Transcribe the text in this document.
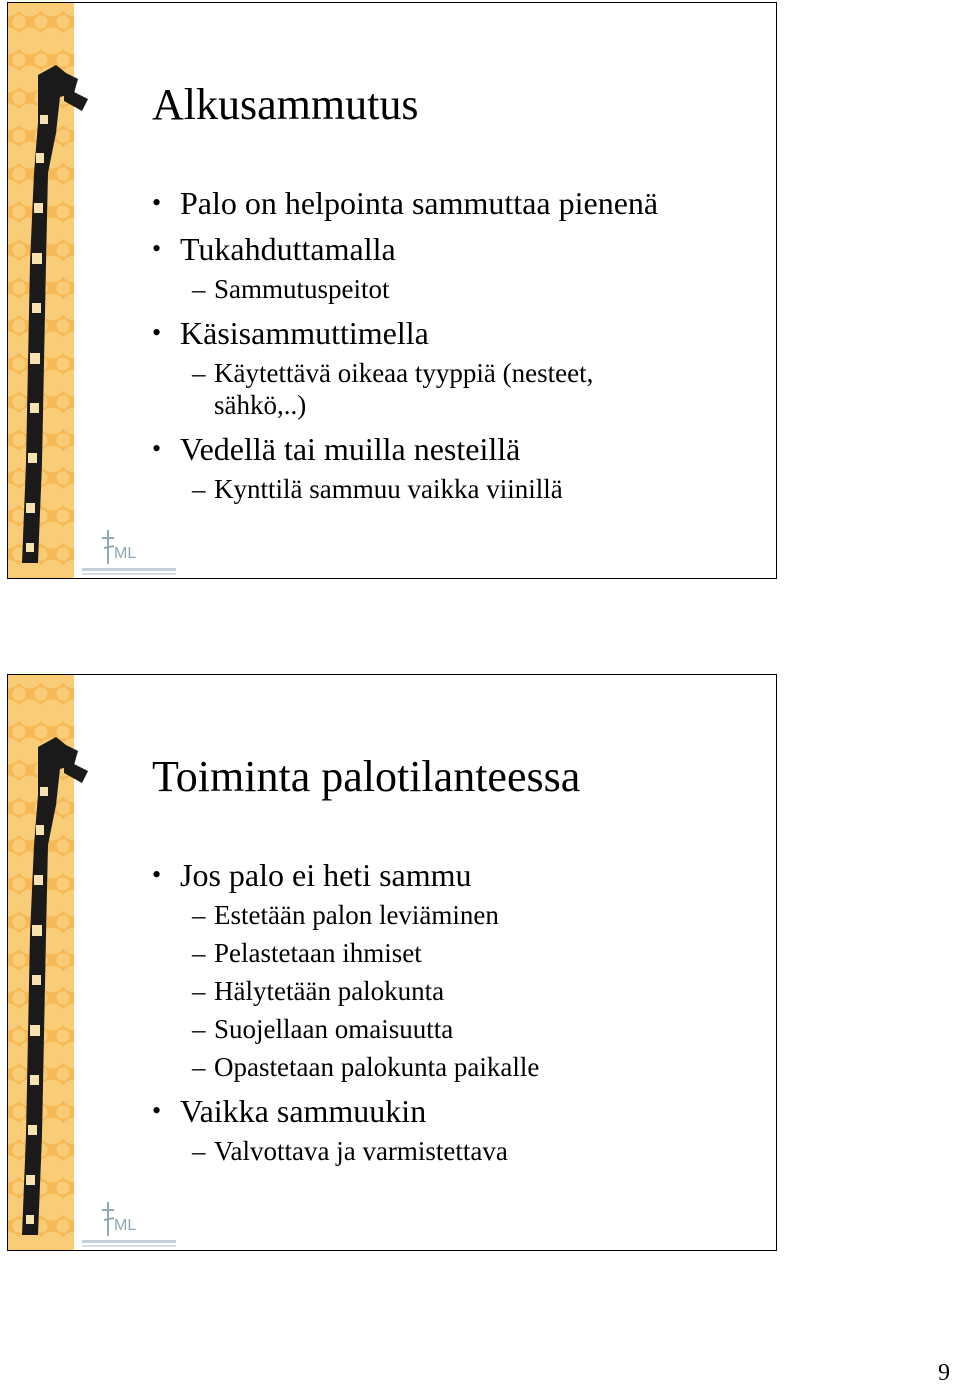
ML
Alkusammutus
• Palo on helpointa sammuttaa pienenä
• Tukahduttamalla
– Sammutuspeitot
• Käsisammuttimella
– Käytettävä oikeaa tyyppiä (nesteet,
sähkö,..)
• Vedellä tai muilla nesteillä
– Kynttilä sammuu vaikka viinillä
ML
Toiminta palotilanteessa
• Jos palo ei heti sammu
– Estetään palon leviäminen
– Pelastetaan ihmiset
– Hälytetään palokunta
– Suojellaan omaisuutta
– Opastetaan palokunta paikalle
• Vaikka sammuukin
– Valvottava ja varmistettava
9
